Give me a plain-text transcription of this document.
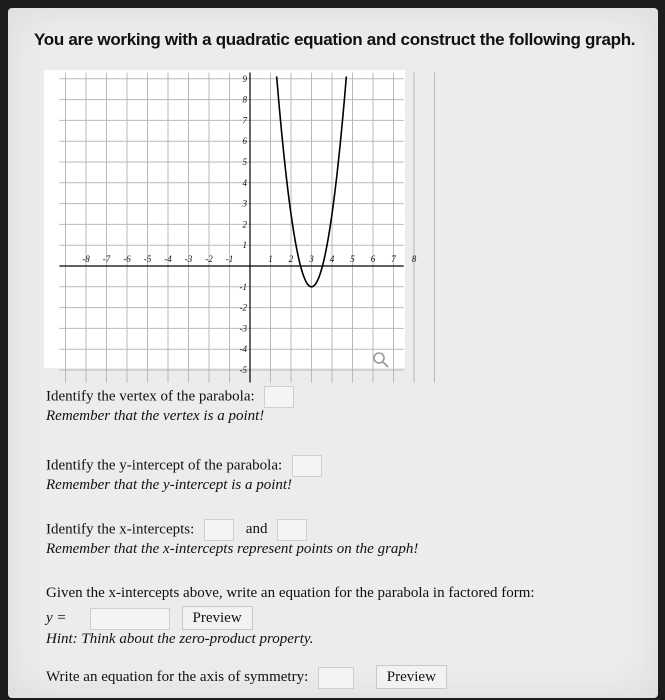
You are working with a quadratic equation and construct the following graph.
-8 -7 -6 -5 -4 -3 -2 -1	1 2 3 4 5 6 7 8
9
8
7
6
5
4
3
2
1
-1
-2
-3
-4
-5
Identify the vertex of the parabola:
Remember that the vertex is a point!
Identify the y-intercept of the parabola:
Remember that the y-intercept is a point!
Identify the x-intercepts:	and
Remember that the x-intercepts represent points on the graph!
Given the x-intercepts above, write an equation for the parabola in factored form:
y =	Preview
Hint: Think about the zero-product property.
Write an equation for the axis of symmetry:	Preview
